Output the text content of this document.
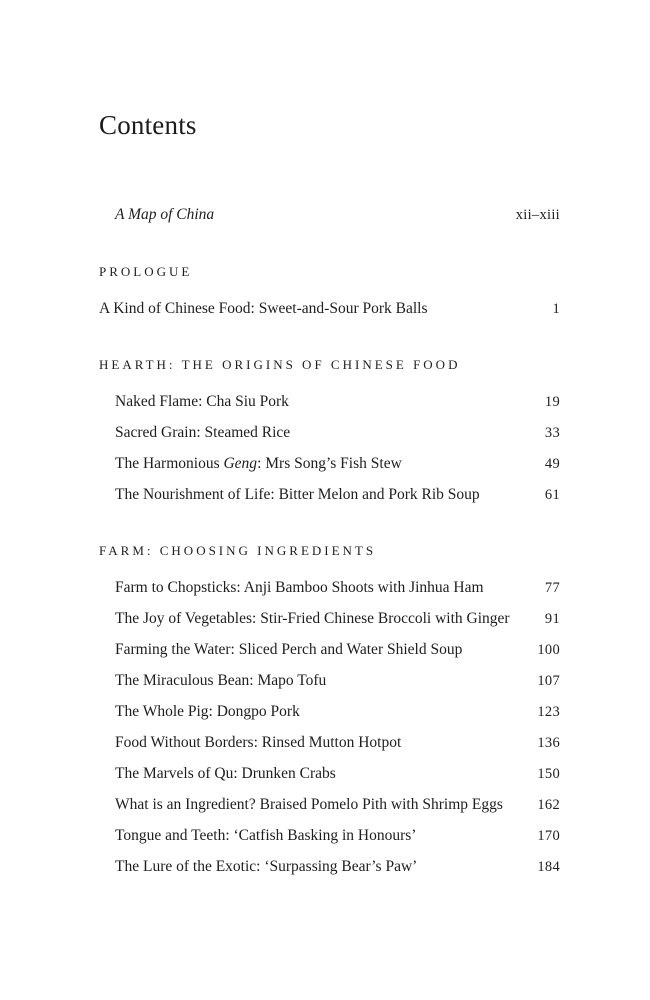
Contents
A Map of China	xii–xiii
PROLOGUE
A Kind of Chinese Food: Sweet-and-Sour Pork Balls	1
HEARTH: THE ORIGINS OF CHINESE FOOD
Naked Flame: Cha Siu Pork	19
Sacred Grain: Steamed Rice	33
The Harmonious Geng: Mrs Song’s Fish Stew	49
The Nourishment of Life: Bitter Melon and Pork Rib Soup	61
FARM: CHOOSING INGREDIENTS
Farm to Chopsticks: Anji Bamboo Shoots with Jinhua Ham	77
The Joy of Vegetables: Stir-Fried Chinese Broccoli with Ginger 91
Farming the Water: Sliced Perch and Water Shield Soup	100
The Miraculous Bean: Mapo Tofu	107
The Whole Pig: Dongpo Pork	123
Food Without Borders: Rinsed Mutton Hotpot	136
The Marvels of Qu: Drunken Crabs	150
What is an Ingredient? Braised Pomelo Pith with Shrimp Eggs 162
Tongue and Teeth: ‘Catfish Basking in Honours’	170
The Lure of the Exotic: ‘Surpassing Bear’s Paw’	184
